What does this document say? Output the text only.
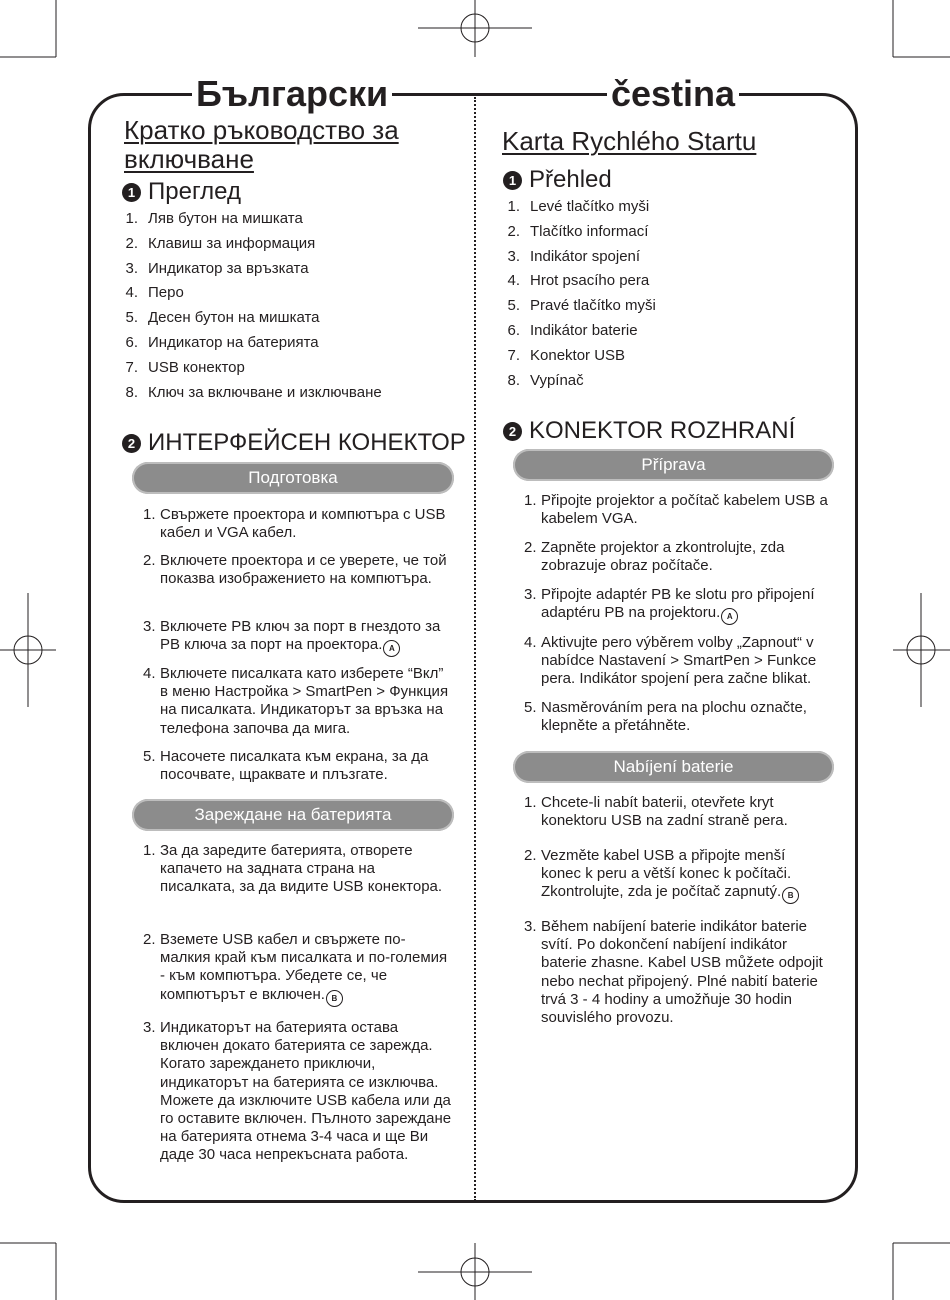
Български	čestina
Кратко ръководство за включване
1 Преглед
1. Ляв бутон на мишката
2. Клавиш за информация
3. Индикатор за връзката
4. Перо
5. Десен бутон на мишката
6. Индикатор на батерията
7. USB конектор
8. Ключ за включване и изключване
2 ИНТЕРФЕЙСЕН КОНЕКТОР
Подготовка
1. Свържете проектора и компютъра с USB кабел и VGA кабел.
2. Включете проектора и се уверете, че той показва изображението на компютъра.
3. Включете PB ключ за порт в гнездото за PB ключа за порт на проектора. A
4. Включете писалката като изберете “Вкл” в меню Настройка > SmartPen > Функция на писалката. Индикаторът за връзка на телефона започва да мига.
5. Насочете писалката към екрана, за да посочвате, щраквате и плъзгате.
Зареждане на батерията
1. За да заредите батерията, отворете капачето на задната страна на писалката, за да видите USB конектора.
2. Вземете USB кабел и свържете по-малкия край към писалката и по-големия - към компютъра. Убедете се, че компютърът е включен. B
3. Индикаторът на батерията остава включен докато батерията се зарежда. Когато зареждането приключи, индикаторът на батерията се изключва. Можете да изключите USB кабела или да го оставите включен. Пълното зареждане на батерията отнема 3-4 часа и ще Ви даде 30 часа непрекъсната работа.
Karta Rychlého Startu
1 Přehled
1. Levé tlačítko myši
2. Tlačítko informací
3. Indikátor spojení
4. Hrot psacího pera
5. Pravé tlačítko myši
6. Indikátor baterie
7. Konektor USB
8. Vypínač
2 KONEKTOR ROZHRANÍ
Příprava
1. Připojte projektor a počítač kabelem USB a kabelem VGA.
2. Zapněte projektor a zkontrolujte, zda zobrazuje obraz počítače.
3. Připojte adaptér PB ke slotu pro připojení adaptéru PB na projektoru. A
4. Aktivujte pero výběrem volby „Zapnout“ v nabídce Nastavení > SmartPen > Funkce pera. Indikátor spojení pera začne blikat.
5. Nasměrováním pera na plochu označte, klepněte a přetáhněte.
Nabíjení baterie
1. Chcete-li nabít baterii, otevřete kryt konektoru USB na zadní straně pera.
2. Vezměte kabel USB a připojte menší konec k peru a větší konec k počítači. Zkontrolujte, zda je počítač zapnutý. B
3. Během nabíjení baterie indikátor baterie svítí. Po dokončení nabíjení indikátor baterie zhasne. Kabel USB můžete odpojit nebo nechat připojený. Plné nabití baterie trvá 3 - 4 hodiny a umožňuje 30 hodin souvislého provozu.
